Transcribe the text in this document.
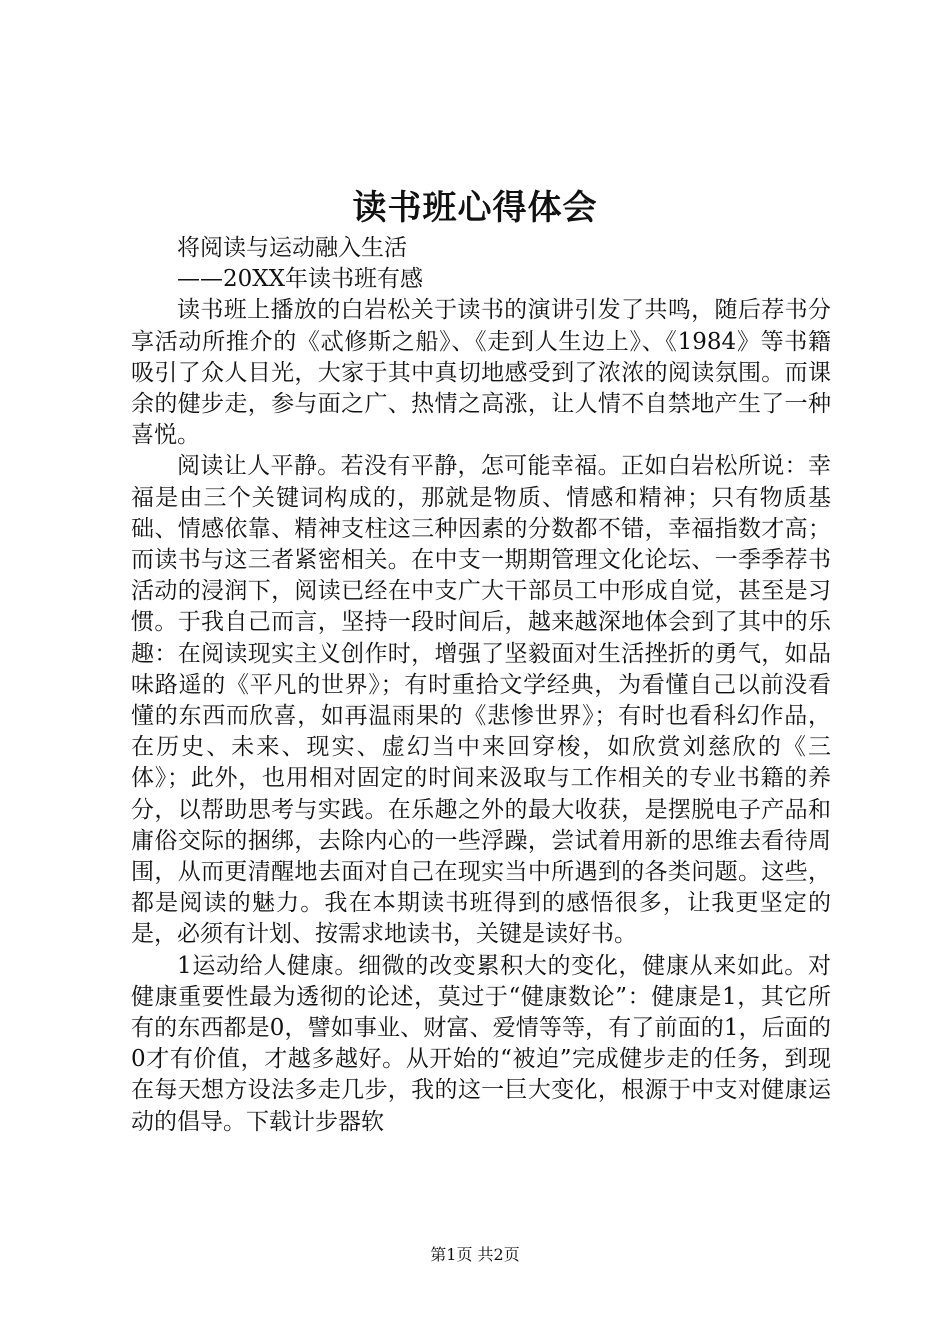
读书班心得体会

将阅读与运动融入生活

——20XX年读书班有感

读书班上播放的白岩松关于读书的演讲引发了共鸣，随后荐书分享活动所推介的《忒修斯之船》、《走到人生边上》、《1984》等书籍吸引了众人目光，大家于其中真切地感受到了浓浓的阅读氛围。而课余的健步走，参与面之广、热情之高涨，让人情不自禁地产生了一种喜悦。

阅读让人平静。若没有平静，怎可能幸福。正如白岩松所说：幸福是由三个关键词构成的，那就是物质、情感和精神；只有物质基础、情感依靠、精神支柱这三种因素的分数都不错，幸福指数才高；而读书与这三者紧密相关。在中支一期期管理文化论坛、一季季荐书活动的浸润下，阅读已经在中支广大干部员工中形成自觉，甚至是习惯。于我自己而言，坚持一段时间后，越来越深地体会到了其中的乐趣：在阅读现实主义创作时，增强了坚毅面对生活挫折的勇气，如品味路遥的《平凡的世界》；有时重拾文学经典，为看懂自己以前没看懂的东西而欣喜，如再温雨果的《悲惨世界》；有时也看科幻作品，在历史、未来、现实、虚幻当中来回穿梭，如欣赏刘慈欣的《三体》；此外，也用相对固定的时间来汲取与工作相关的专业书籍的养分，以帮助思考与实践。在乐趣之外的最大收获，是摆脱电子产品和庸俗交际的捆绑，去除内心的一些浮躁，尝试着用新的思维去看待周围，从而更清醒地去面对自己在现实当中所遇到的各类问题。这些，都是阅读的魅力。我在本期读书班得到的感悟很多，让我更坚定的是，必须有计划、按需求地读书，关键是读好书。

1运动给人健康。细微的改变累积大的变化，健康从来如此。对健康重要性最为透彻的论述，莫过于“健康数论”：健康是1，其它所有的东西都是0，譬如事业、财富、爱情等等，有了前面的1，后面的0才有价值，才越多越好。从开始的“被迫”完成健步走的任务，到现在每天想方设法多走几步，我的这一巨大变化，根源于中支对健康运动的倡导。下载计步器软

第1页 共2页
